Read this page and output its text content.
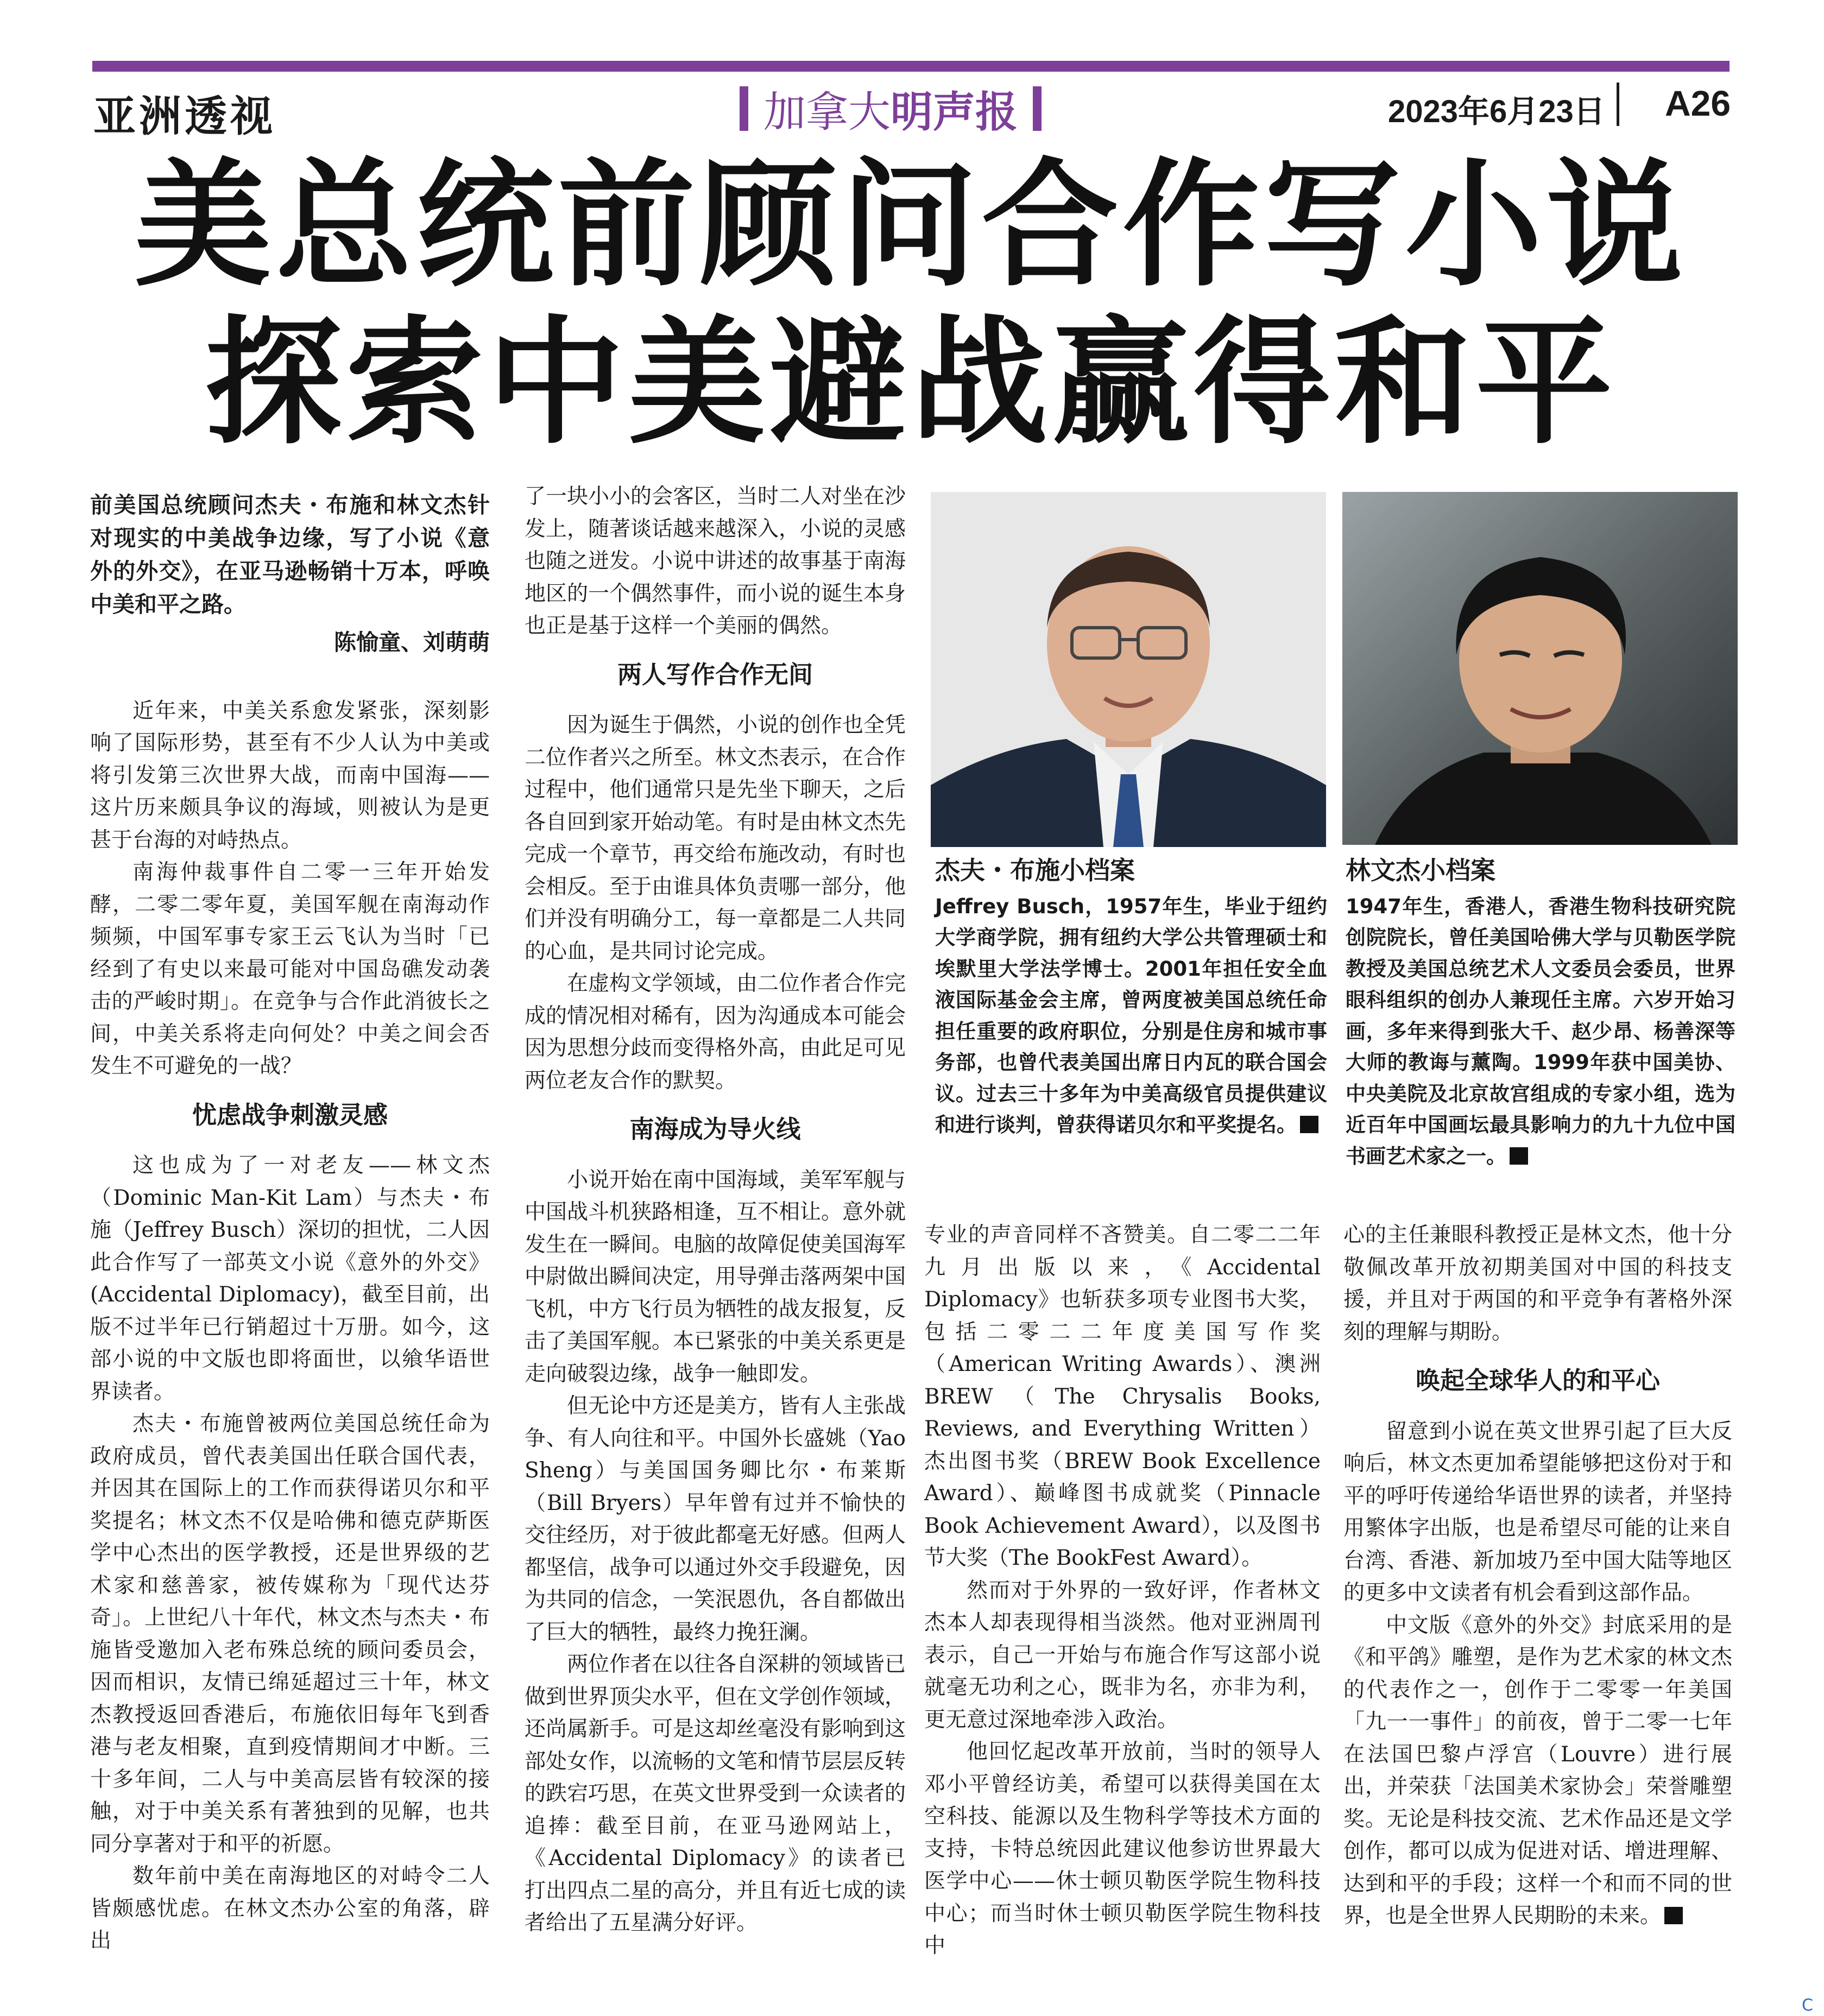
亚洲透视	加拿大明声报	2023年6月23日 A26
美总统前顾问合作写小说
探索中美避战赢得和平

前美国总统顾问杰夫・布施和林文杰针对现实的中美战争边缘，写了小说《意外的外交》，在亚马逊畅销十万本，呼唤中美和平之路。

陈愉童、刘萌萌

近年来，中美关系愈发紧张，深刻影响了国际形势，甚至有不少人认为中美或将引发第三次世界大战，而南中国海——这片历来颇具争议的海域，则被认为是更甚于台海的对峙热点。

南海仲裁事件自二零一三年开始发酵，二零二零年夏，美国军舰在南海动作频频，中国军事专家王云飞认为当时「已经到了有史以来最可能对中国岛礁发动袭击的严峻时期」。在竞争与合作此消彼长之间，中美关系将走向何处？中美之间会否发生不可避免的一战？

忧虑战争刺激灵感

这也成为了一对老友——林文杰（Dominic Man-Kit Lam）与杰夫・布施（Jeffrey Busch）深切的担忧，二人因此合作写了一部英文小说《意外的外交》(Accidental Diplomacy)，截至目前，出版不过半年已行销超过十万册。如今，这部小说的中文版也即将面世，以飨华语世界读者。

杰夫・布施曾被两位美国总统任命为政府成员，曾代表美国出任联合国代表，并因其在国际上的工作而获得诺贝尔和平奖提名；林文杰不仅是哈佛和德克萨斯医学中心杰出的医学教授，还是世界级的艺术家和慈善家，被传媒称为「现代达芬奇」。上世纪八十年代，林文杰与杰夫・布施皆受邀加入老布殊总统的顾问委员会，因而相识，友情已绵延超过三十年，林文杰教授返回香港后，布施依旧每年飞到香港与老友相聚，直到疫情期间才中断。三十多年间，二人与中美高层皆有较深的接触，对于中美关系有著独到的见解，也共同分享著对于和平的祈愿。

数年前中美在南海地区的对峙令二人皆颇感忧虑。在林文杰办公室的角落，辟出

了一块小小的会客区，当时二人对坐在沙发上，随著谈话越来越深入，小说的灵感也随之迸发。小说中讲述的故事基于南海地区的一个偶然事件，而小说的诞生本身也正是基于这样一个美丽的偶然。

两人写作合作无间

因为诞生于偶然，小说的创作也全凭二位作者兴之所至。林文杰表示，在合作过程中，他们通常只是先坐下聊天，之后各自回到家开始动笔。有时是由林文杰先完成一个章节，再交给布施改动，有时也会相反。至于由谁具体负责哪一部分，他们并没有明确分工，每一章都是二人共同的心血，是共同讨论完成。

在虚构文学领域，由二位作者合作完成的情况相对稀有，因为沟通成本可能会因为思想分歧而变得格外高，由此足可见两位老友合作的默契。

南海成为导火线

小说开始在南中国海域，美军军舰与中国战斗机狭路相逢，互不相让。意外就发生在一瞬间。电脑的故障促使美国海军中尉做出瞬间决定，用导弹击落两架中国飞机，中方飞行员为牺牲的战友报复，反击了美国军舰。本已紧张的中美关系更是走向破裂边缘，战争一触即发。

但无论中方还是美方，皆有人主张战争、有人向往和平。中国外长盛姚（Yao Sheng）与美国国务卿比尔・布莱斯（Bill Bryers）早年曾有过并不愉快的交往经历，对于彼此都毫无好感。但两人都坚信，战争可以通过外交手段避免，因为共同的信念，一笑泯恩仇，各自都做出了巨大的牺牲，最终力挽狂澜。

两位作者在以往各自深耕的领域皆已做到世界顶尖水平，但在文学创作领域，还尚属新手。可是这却丝毫没有影响到这部处女作，以流畅的文笔和情节层层反转的跌宕巧思，在英文世界受到一众读者的追捧：截至目前，在亚马逊网站上，《Accidental Diplomacy》的读者已打出四点二星的高分，并且有近七成的读者给出了五星满分好评。

杰夫・布施小档案
Jeffrey Busch，1957年生，毕业于纽约大学商学院，拥有纽约大学公共管理硕士和埃默里大学法学博士。2001年担任安全血液国际基金会主席，曾两度被美国总统任命担任重要的政府职位，分别是住房和城市事务部，也曾代表美国出席日内瓦的联合国会议。过去三十多年为中美高级官员提供建议和进行谈判，曾获得诺贝尔和平奖提名。
林文杰小档案
1947年生，香港人，香港生物科技研究院创院院长，曾任美国哈佛大学与贝勒医学院教授及美国总统艺术人文委员会委员，世界眼科组织的创办人兼现任主席。六岁开始习画，多年来得到张大千、赵少昂、杨善深等大师的教诲与薰陶。1999年获中国美协、中央美院及北京故宫组成的专家小组，选为近百年中国画坛最具影响力的九十九位中国书画艺术家之一。

专业的声音同样不吝赞美。自二零二二年九月出版以来，《Accidental Diplomacy》也斩获多项专业图书大奖，包括二零二二年度美国写作奖（American Writing Awards）、澳洲BREW（The Chrysalis Books, Reviews, and Everything Written）杰出图书奖（BREW Book Excellence Award）、巅峰图书成就奖（Pinnacle Book Achievement Award），以及图书节大奖（The BookFest Award）。

然而对于外界的一致好评，作者林文杰本人却表现得相当淡然。他对亚洲周刊表示，自己一开始与布施合作写这部小说就毫无功利之心，既非为名，亦非为利，更无意过深地牵涉入政治。

他回忆起改革开放前，当时的领导人邓小平曾经访美，希望可以获得美国在太空科技、能源以及生物科学等技术方面的支持，卡特总统因此建议他参访世界最大医学中心——休士顿贝勒医学院生物科技中心；而当时休士顿贝勒医学院生物科技中

心的主任兼眼科教授正是林文杰，他十分敬佩改革开放初期美国对中国的科技支援，并且对于两国的和平竞争有著格外深刻的理解与期盼。

唤起全球华人的和平心

留意到小说在英文世界引起了巨大反响后，林文杰更加希望能够把这份对于和平的呼吁传递给华语世界的读者，并坚持用繁体字出版，也是希望尽可能的让来自台湾、香港、新加坡乃至中国大陆等地区的更多中文读者有机会看到这部作品。

中文版《意外的外交》封底采用的是《和平鸽》雕塑，是作为艺术家的林文杰的代表作之一，创作于二零零一年美国「九一一事件」的前夜，曾于二零一七年在法国巴黎卢浮宫（Louvre）进行展出，并荣获「法国美术家协会」荣誉雕塑奖。无论是科技交流、艺术作品还是文学创作，都可以成为促进对话、增进理解、达到和平的手段；这样一个和而不同的世界，也是全世界人民期盼的未来。

C
